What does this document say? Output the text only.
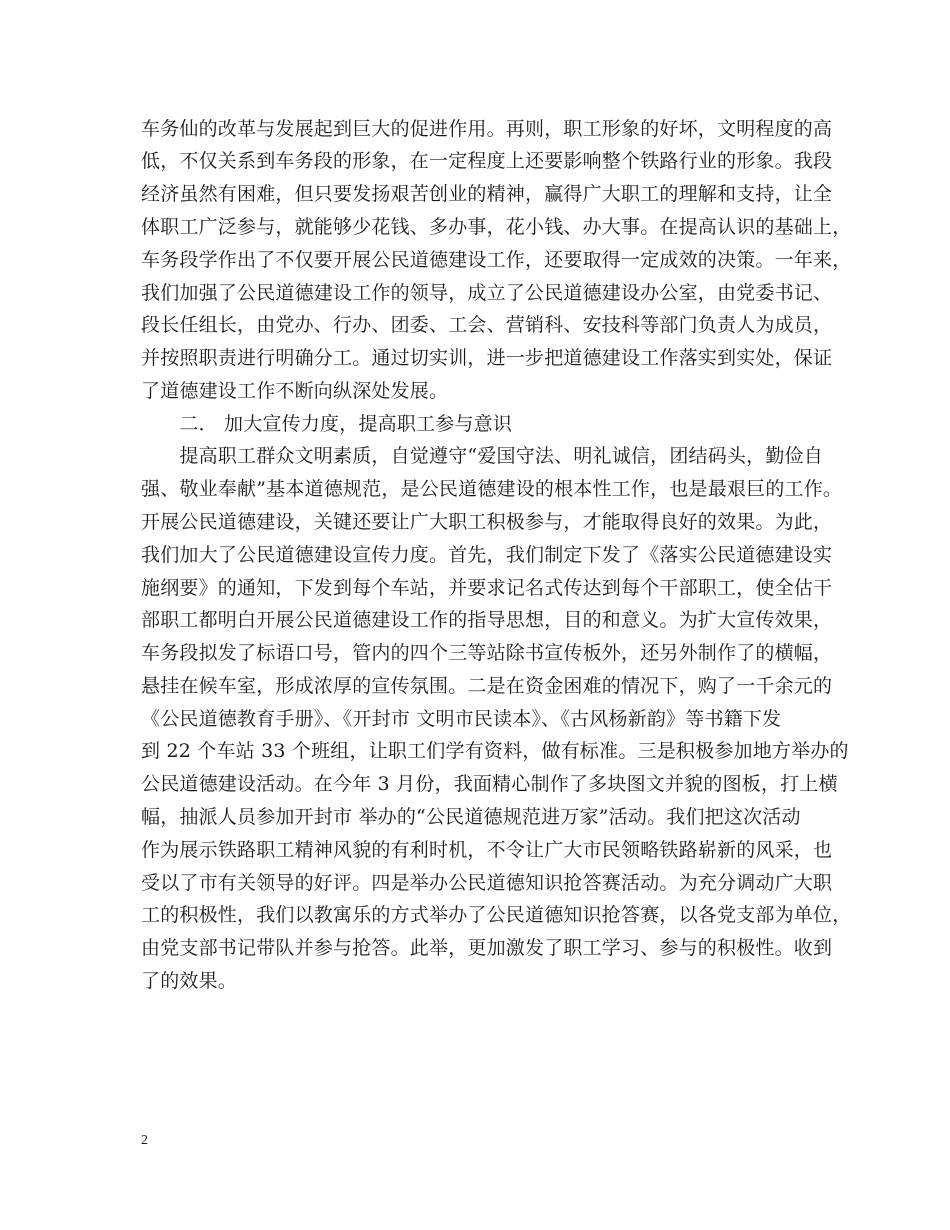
车务仙的改革与发展起到巨大的促进作用。再则，职工形象的好坏，文明程度的高
低，不仅关系到车务段的形象，在一定程度上还要影响整个铁路行业的形象。我段
经济虽然有困难，但只要发扬艰苦创业的精神，赢得广大职工的理解和支持，让全
体职工广泛参与，就能够少花钱、多办事，花小钱、办大事。在提高认识的基础上，
车务段学作出了不仅要开展公民道德建设工作，还要取得一定成效的决策。一年来，
我们加强了公民道德建设工作的领导，成立了公民道德建设办公室，由党委书记、
段长任组长，由党办、行办、团委、工会、营销科、安技科等部门负责人为成员，
并按照职责进行明确分工。通过切实训，进一步把道德建设工作落实到实处，保证
了道德建设工作不断向纵深处发展。
　　二． 加大宣传力度，提高职工参与意识
　　提高职工群众文明素质，自觉遵守“爱国守法、明礼诚信，团结码头，勤俭自
强、敬业奉献”基本道德规范，是公民道德建设的根本性工作，也是最艰巨的工作。
开展公民道德建设，关键还要让广大职工积极参与，才能取得良好的效果。为此，
我们加大了公民道德建设宣传力度。首先，我们制定下发了《落实公民道德建设实
施纲要》的通知，下发到每个车站，并要求记名式传达到每个干部职工，使全估干
部职工都明白开展公民道德建设工作的指导思想，目的和意义。为扩大宣传效果，
车务段拟发了标语口号，管内的四个三等站除书宣传板外，还另外制作了的横幅，
悬挂在候车室，形成浓厚的宣传氛围。二是在资金困难的情况下，购了一千余元的
《公民道德教育手册》、《开封市 文明市民读本》、《古风杨新韵》等书籍下发
到 22 个车站 33 个班组，让职工们学有资料，做有标准。三是积极参加地方举办的
公民道德建设活动。在今年 3 月份，我面精心制作了多块图文并貌的图板，打上横
幅，抽派人员参加开封市 举办的“公民道德规范进万家”活动。我们把这次活动
作为展示铁路职工精神风貌的有利时机，不令让广大市民领略铁路崭新的风采，也
受以了市有关领导的好评。四是举办公民道德知识抢答赛活动。为充分调动广大职
工的积极性，我们以教寓乐的方式举办了公民道德知识抢答赛，以各党支部为单位，
由党支部书记带队并参与抢答。此举，更加激发了职工学习、参与的积极性。收到
了的效果。
2
